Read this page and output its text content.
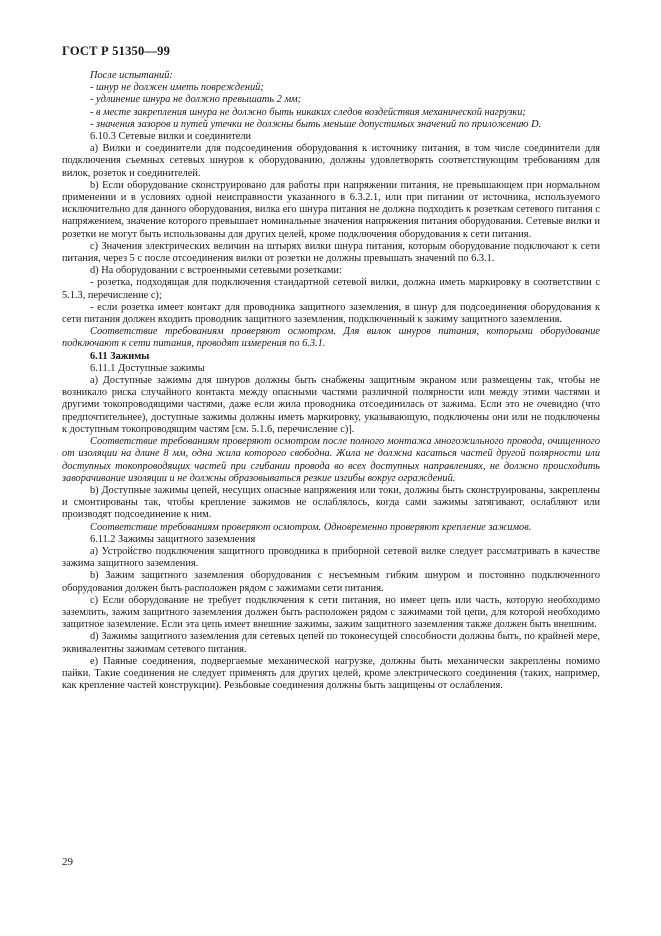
ГОСТ Р 51350—99

После испытаний:

- шнур не должен иметь повреждений;

- удлинение шнура не должно превышать 2 мм;

- в месте закрепления шнура не должно быть никаких следов воздействия механической нагрузки;

- значения зазоров и путей утечки не должны быть меньше допустимых значений по приложению D.

6.10.3 Сетевые вилки и соединители

а) Вилки и соединители для подсоединения оборудования к источнику питания, в том числе соединители для подключения съемных сетевых шнуров к оборудованию, должны удовлетворять соответствующим требованиям для вилок, розеток и соединителей.

b) Если оборудование сконструировано для работы при напряжении питания, не превышающем при нормальном применении и в условиях одной неисправности указанного в 6.3.2.1, или при питании от источника, используемого исключительно для данного оборудования, вилка его шнура питания не должна подходить к розеткам сетевого питания с напряжением, значение которого превышает номинальные значения напряжения питания оборудования. Сетевые вилки и розетки не могут быть использованы для других целей, кроме подключения оборудования к сети питания.

с) Значения электрических величин на штырях вилки шнура питания, которым оборудование подключают к сети питания, через 5 с после отсоединения вилки от розетки не должны превышать значений по 6.3.1.

d) На оборудовании с встроенными сетевыми розетками:

- розетка, подходящая для подключения стандартной сетевой вилки, должна иметь маркировку в соответствии с 5.1.3, перечисление с);

- если розетка имеет контакт для проводника защитного заземления, в шнур для подсоединения оборудования к сети питания должен входить проводник защитного заземления, подключенный к зажиму защитного заземления.

Соответствие требованиям проверяют осмотром. Для вилок шнуров питания, которыми оборудование подключают к сети питания, проводят измерения по 6.3.1.

6.11 Зажимы

6.11.1 Доступные зажимы

а) Доступные зажимы для шнуров должны быть снабжены защитным экраном или размещены так, чтобы не возникало риска случайного контакта между опасными частями различной полярности или между этими частями и другими токопроводящими частями, даже если жила проводника отсоединилась от зажима. Если это не очевидно (что предпочтительнее), доступные зажимы должны иметь маркировку, указывающую, подключены они или не подключены к доступным токопроводящим частям [см. 5.1.6, перечисление с)].

Соответствие требованиям проверяют осмотром после полного монтажа многожильного провода, очищенного от изоляции на длине 8 мм, одна жила которого свободна. Жила не должна касаться частей другой полярности или доступных токопроводящих частей при сгибании провода во всех доступных направлениях, не должно происходить заворачивание изоляции и не должны образовываться резкие изгибы вокруг ограждений.

b) Доступные зажимы цепей, несущих опасные напряжения или токи, должны быть сконструированы, закреплены и смонтированы так, чтобы крепление зажимов не ослаблялось, когда сами зажимы затягивают, ослабляют или производят подсоединение к ним.

Соответствие требованиям проверяют осмотром. Одновременно проверяют крепление зажимов.

6.11.2 Зажимы защитного заземления

а) Устройство подключения защитного проводника в приборной сетевой вилке следует рассматривать в качестве зажима защитного заземления.

b) Зажим защитного заземления оборудования с несъемным гибким шнуром и постоянно подключенного оборудования должен быть расположен рядом с зажимами сети питания.

с) Если оборудование не требует подключения к сети питания, но имеет цепь или часть, которую необходимо заземлить, зажим защитного заземления должен быть расположен рядом с зажимами той цепи, для которой необходимо защитное заземление. Если эта цепь имеет внешние зажимы, зажим защитного заземления также должен быть внешним.

d) Зажимы защитного заземления для сетевых цепей по токонесущей способности должны быть, по крайней мере, эквивалентны зажимам сетевого питания.

е) Паяные соединения, подвергаемые механической нагрузке, должны быть механически закреплены помимо пайки. Такие соединения не следует применять для других целей, кроме электрического соединения (таких, например, как крепление частей конструкции). Резьбовые соединения должны быть защищены от ослабления.

29
